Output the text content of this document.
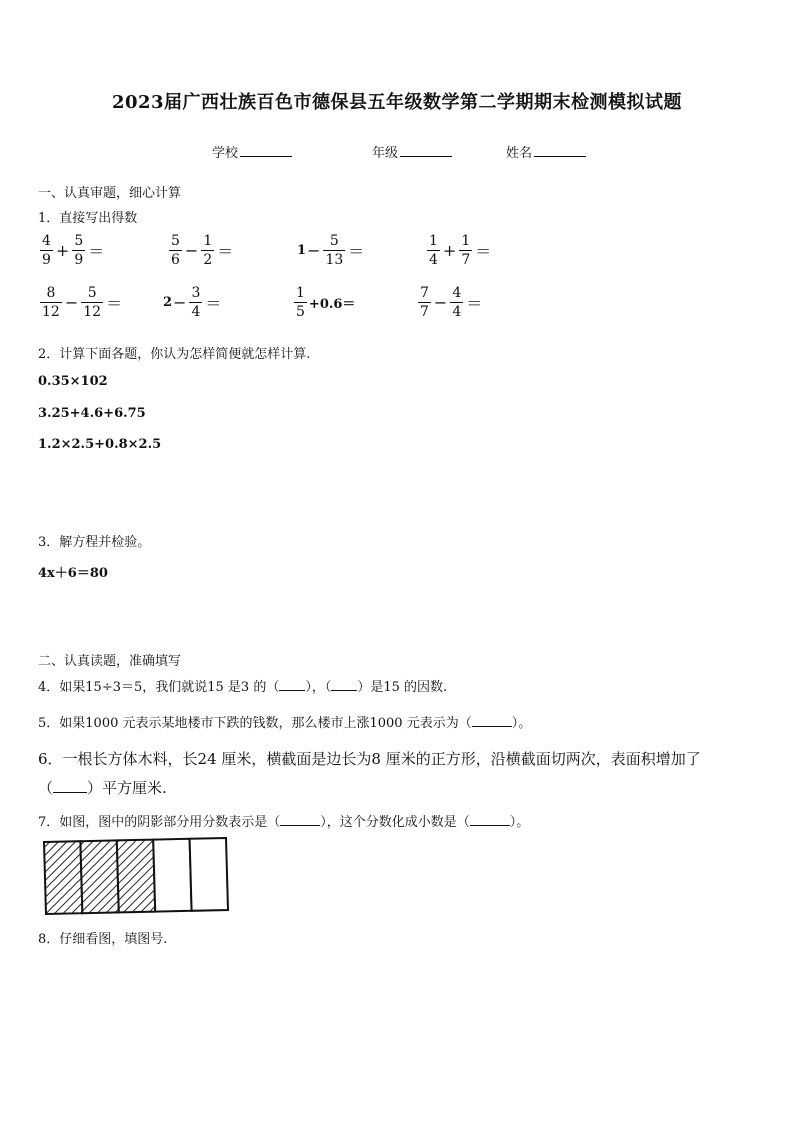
2023届广西壮族百色市德保县五年级数学第二学期期末检测模拟试题
学校	年级	姓名
一、认真审题，细心计算
1．直接写出得数
$\frac{4}{9} + \frac{5}{9}$ ＝	$\frac{5}{6} - \frac{1}{2}$ ＝	$1 - \frac{5}{13}$ ＝	$\frac{1}{4} + \frac{1}{7}$ ＝
$\frac{8}{12} - \frac{5}{12}$ ＝	$2 - \frac{3}{4}$ ＝	$\frac{1}{5} +0.6=$	$\frac{7}{7} - \frac{4}{4}$ ＝
2．计算下面各题，你认为怎样简便就怎样计算.
0.35×102
3.25+4.6+6.75
1.2×2.5+0.8×2.5
3．解方程并检验。
4x＋6＝80
二、认真读题，准确填写
4．如果15÷3＝5，我们就说15 是3 的（ ），（ ）是15 的因数.
5．如果1000 元表示某地楼市下跌的钱数，那么楼市上涨1000 元表示为（	）。
6．一根长方体木料，长24 厘米，横截面是边长为8 厘米的正方形，沿横截面切两次，表面积增加了
（ ）平方厘米.
7．如图，图中的阴影部分用分数表示是（	），这个分数化成小数是（	）。
8．仔细看图，填图号.
